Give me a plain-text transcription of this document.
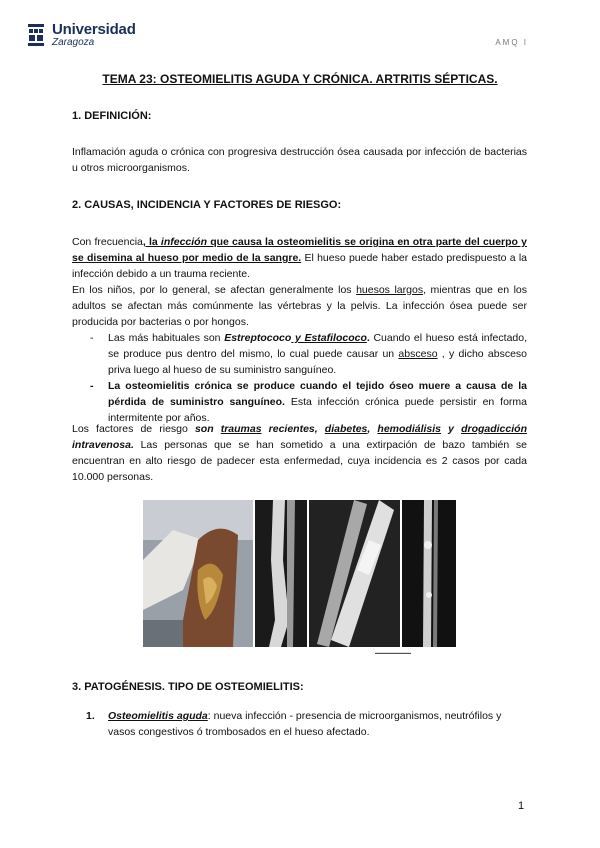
Universidad
Zaragoza	AMQ I
TEMA 23: OSTEOMIELITIS AGUDA Y CRÓNICA. ARTRITIS SÉPTICAS.
1. DEFINICIÓN:
Inflamación aguda o crónica con progresiva destrucción ósea causada por infección de bacterias u otros microorganismos.
2. CAUSAS, INCIDENCIA Y FACTORES DE RIESGO:

Con frecuencia, la infección que causa la osteomielitis se origina en otra parte del cuerpo y se disemina al hueso por medio de la sangre. El hueso puede haber estado predispuesto a la infección debido a un trauma reciente.

En los niños, por lo general, se afectan generalmente los huesos largos, mientras que en los adultos se afectan más comúnmente las vértebras y la pelvis. La infección ósea puede ser producida por bacterias o por hongos.

- Las más habituales son Estreptococo y Estafilococo. Cuando el hueso está infectado, se produce pus dentro del mismo, lo cual puede causar un absceso , y dicho absceso priva luego al hueso de su suministro sanguíneo.

- La osteomielitis crónica se produce cuando el tejido óseo muere a causa de la pérdida de suministro sanguíneo. Esta infección crónica puede persistir en forma intermitente por años.

Los factores de riesgo son traumas recientes, diabetes, hemodiálisis y drogadicción intravenosa. Las personas que se han sometido a una extirpación de bazo también se encuentran en alto riesgo de padecer esta enfermedad, cuya incidencia es 2 casos por cada 10.000 personas.

▬▬▬▬▬▬▬▬▬
3. PATOGÉNESIS. TIPO DE OSTEOMIELITIS:
1.	Osteomielitis aguda: nueva infección - presencia de microorganismos, neutrófilos y vasos congestivos ó trombosados en el hueso afectado.
1
